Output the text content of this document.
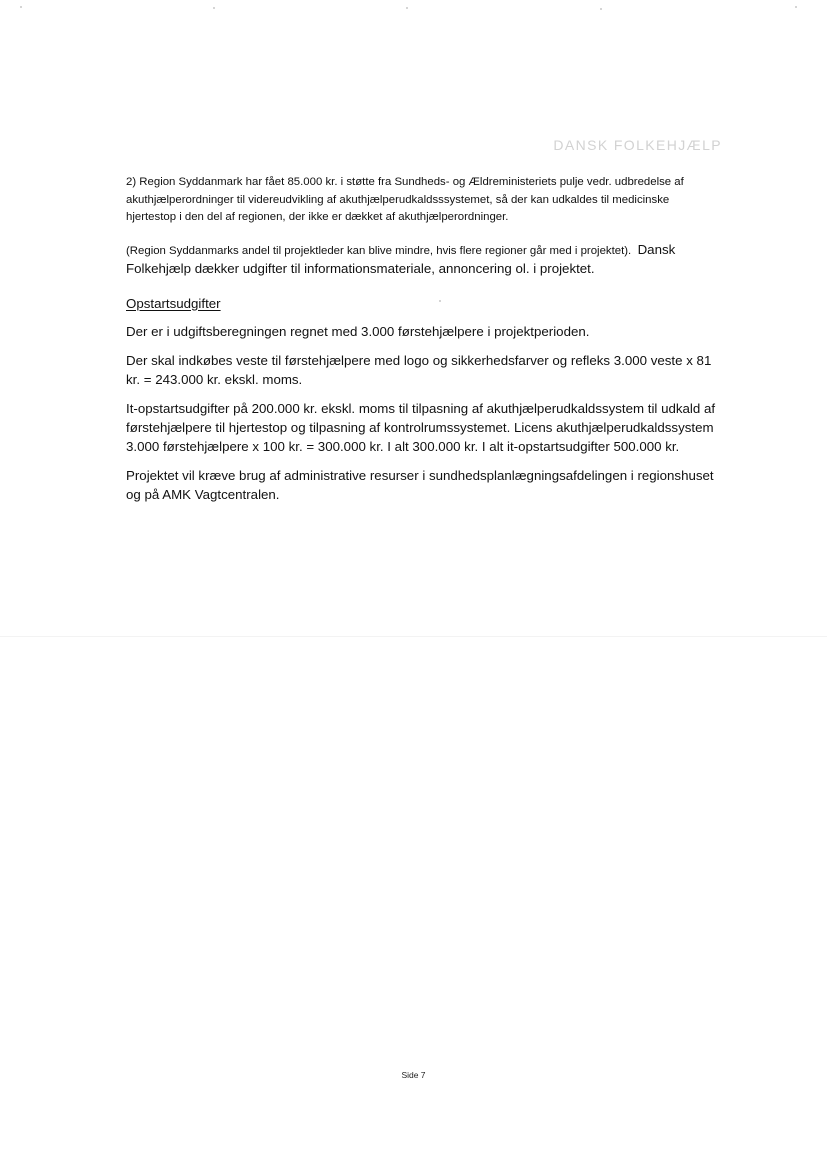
DANSK FOLKEHJÆLP

2) Region Syddanmark har fået 85.000 kr. i støtte fra Sundheds- og Ældreministeriets pulje vedr. udbredelse af akuthjælperordninger til videreudvikling af akuthjælperudkaldsssystemet, så der kan udkaldes til medicinske hjertestop i den del af regionen, der ikke er dækket af akuthjælperordninger.

(Region Syddanmarks andel til projektleder kan blive mindre, hvis flere regioner går med i projektet). Dansk Folkehjælp dækker udgifter til informationsmateriale, annoncering ol. i projektet.

Opstartsudgifter

Der er i udgiftsberegningen regnet med 3.000 førstehjælpere i projektperioden.

Der skal indkøbes veste til førstehjælpere med logo og sikkerhedsfarver og refleks 3.000 veste x 81 kr. = 243.000 kr. ekskl. moms.

It-opstartsudgifter på 200.000 kr. ekskl. moms til tilpasning af akuthjælperudkaldssystem til udkald af førstehjælpere til hjertestop og tilpasning af kontrolrumssystemet. Licens akuthjælperudkaldssystem 3.000 førstehjælpere x 100 kr. = 300.000 kr. I alt 300.000 kr. I alt it-opstartsudgifter 500.000 kr.

Projektet vil kræve brug af administrative resurser i sundhedsplanlægningsafdelingen i regionshuset og på AMK Vagtcentralen.

Side 7
